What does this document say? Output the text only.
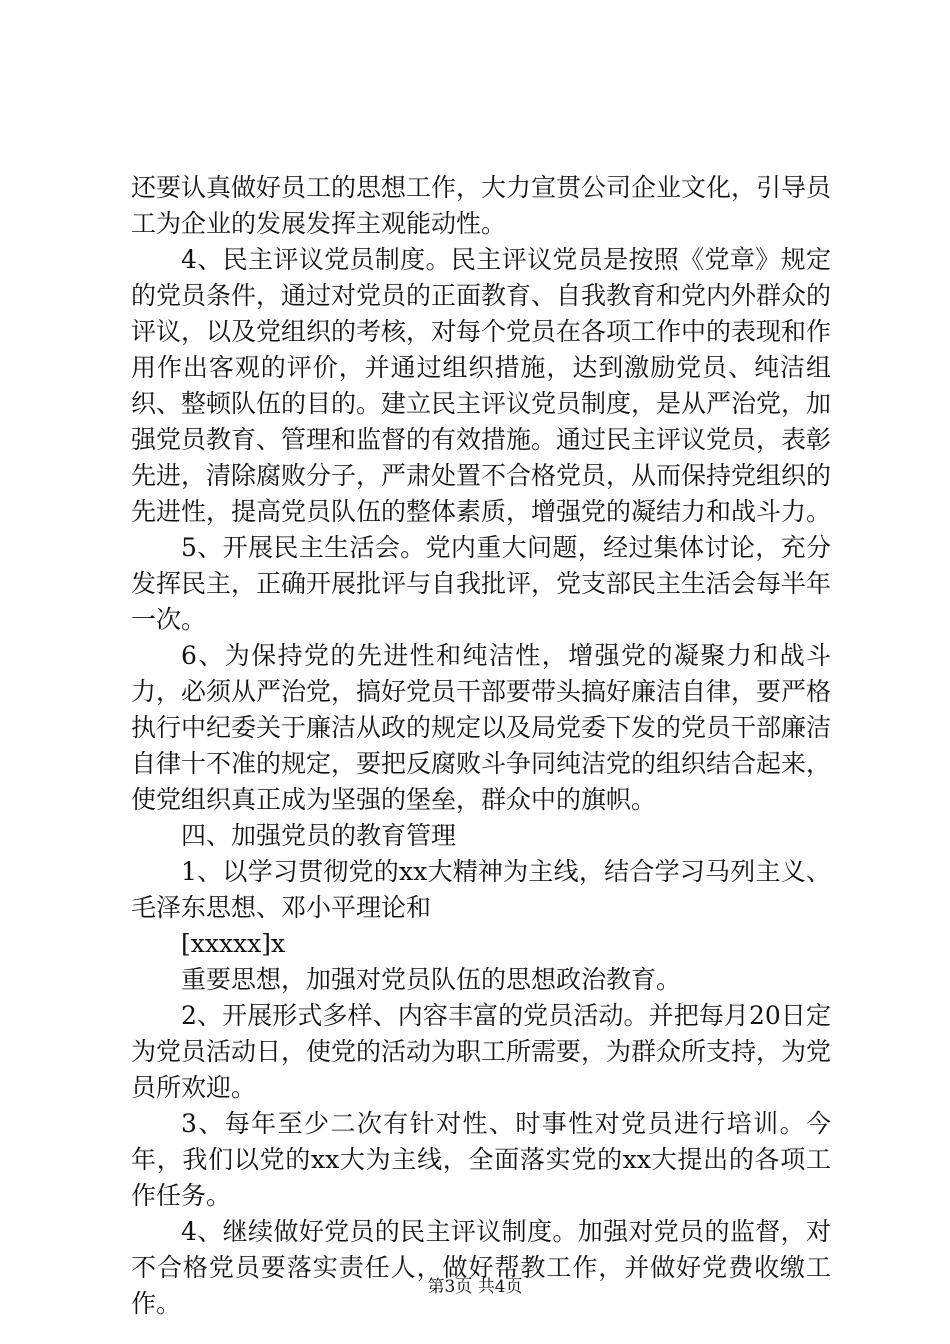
还要认真做好员工的思想工作，大力宣贯公司企业文化，引导员工为企业的发展发挥主观能动性。

4、民主评议党员制度。民主评议党员是按照《党章》规定的党员条件，通过对党员的正面教育、自我教育和党内外群众的评议，以及党组织的考核，对每个党员在各项工作中的表现和作用作出客观的评价，并通过组织措施，达到激励党员、纯洁组织、整顿队伍的目的。建立民主评议党员制度，是从严治党，加强党员教育、管理和监督的有效措施。通过民主评议党员，表彰先进，清除腐败分子，严肃处置不合格党员，从而保持党组织的先进性，提高党员队伍的整体素质，增强党的凝结力和战斗力。

5、开展民主生活会。党内重大问题，经过集体讨论，充分发挥民主，正确开展批评与自我批评，党支部民主生活会每半年一次。

6、为保持党的先进性和纯洁性，增强党的凝聚力和战斗力，必须从严治党，搞好党员干部要带头搞好廉洁自律，要严格执行中纪委关于廉洁从政的规定以及局党委下发的党员干部廉洁自律十不准的规定，要把反腐败斗争同纯洁党的组织结合起来，使党组织真正成为坚强的堡垒，群众中的旗帜。

四、加强党员的教育管理

1、以学习贯彻党的xx大精神为主线，结合学习马列主义、毛泽东思想、邓小平理论和

[xxxxx]x

重要思想，加强对党员队伍的思想政治教育。

2、开展形式多样、内容丰富的党员活动。并把每月20日定为党员活动日，使党的活动为职工所需要，为群众所支持，为党员所欢迎。

3、每年至少二次有针对性、时事性对党员进行培训。今年，我们以党的xx大为主线，全面落实党的xx大提出的各项工作任务。

4、继续做好党员的民主评议制度。加强对党员的监督，对不合格党员要落实责任人，做好帮教工作，并做好党费收缴工作。

第3页 共4页
